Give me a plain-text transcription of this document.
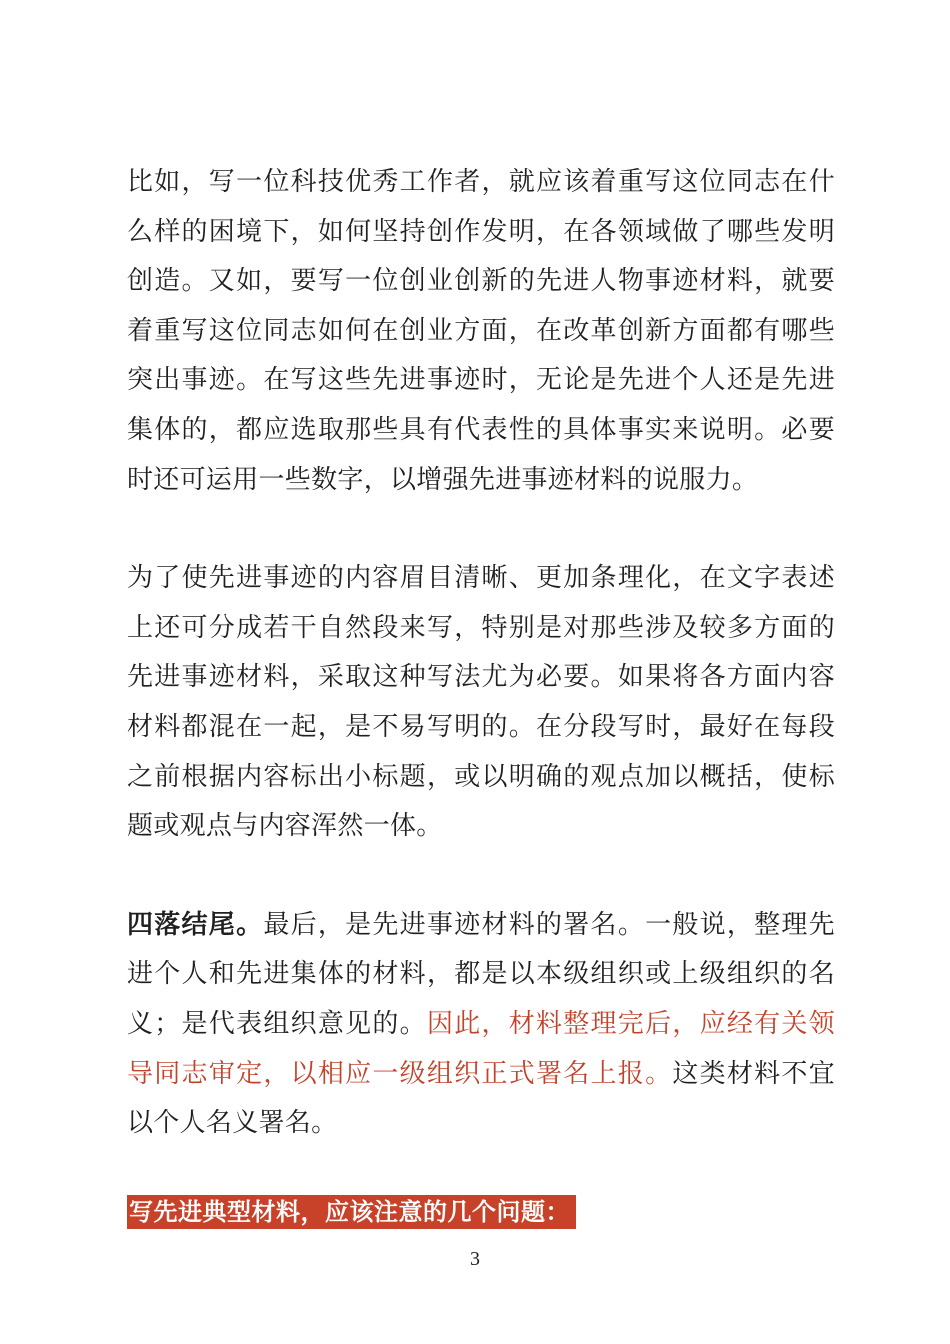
比如，写一位科技优秀工作者，就应该着重写这位同志在什么样的困境下，如何坚持创作发明，在各领域做了哪些发明创造。又如，要写一位创业创新的先进人物事迹材料，就要着重写这位同志如何在创业方面，在改革创新方面都有哪些突出事迹。在写这些先进事迹时，无论是先进个人还是先进集体的，都应选取那些具有代表性的具体事实来说明。必要时还可运用一些数字，以增强先进事迹材料的说服力。

为了使先进事迹的内容眉目清晰、更加条理化，在文字表述上还可分成若干自然段来写，特别是对那些涉及较多方面的先进事迹材料，采取这种写法尤为必要。如果将各方面内容材料都混在一起，是不易写明的。在分段写时，最好在每段之前根据内容标出小标题，或以明确的观点加以概括，使标题或观点与内容浑然一体。

四落结尾。最后，是先进事迹材料的署名。一般说，整理先进个人和先进集体的材料，都是以本级组织或上级组织的名义；是代表组织意见的。因此，材料整理完后，应经有关领导同志审定，以相应一级组织正式署名上报。这类材料不宜以个人名义署名。

写先进典型材料，应该注意的几个问题：
3
